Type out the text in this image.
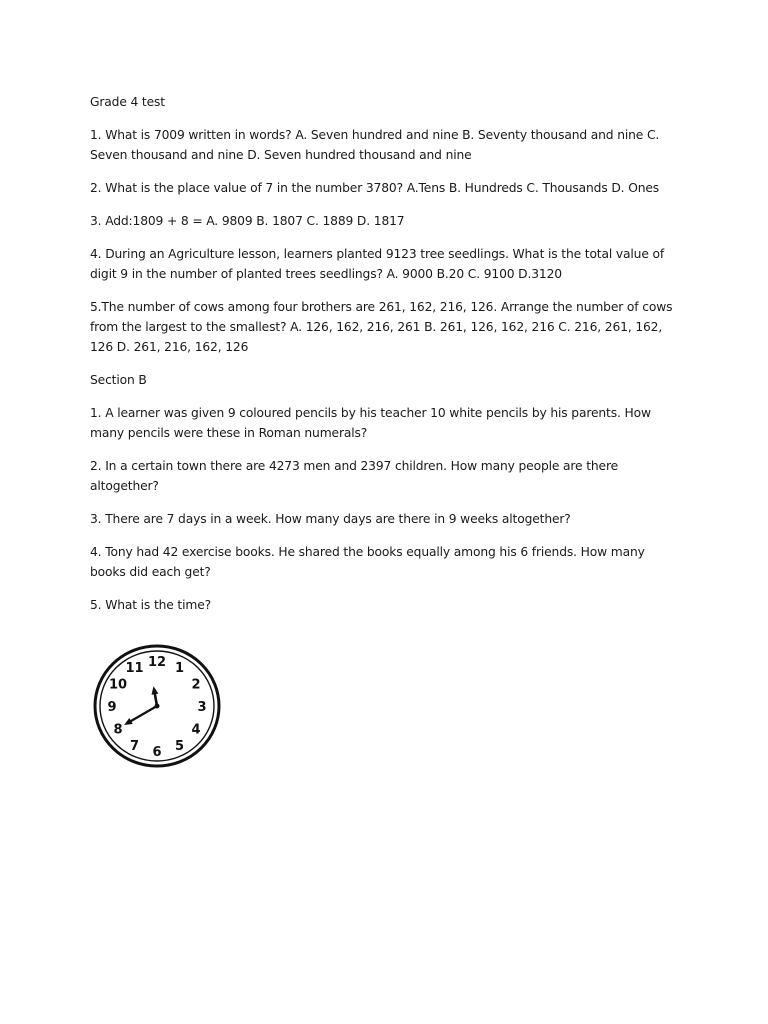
Grade 4 test

1. What is 7009 written in words? A. Seven hundred and nine B. Seventy thousand and nine C. Seven thousand and nine D. Seven hundred thousand and nine

2. What is the place value of 7 in the number 3780? A.Tens B. Hundreds C. Thousands D. Ones

3. Add:1809 + 8 = A. 9809 B. 1807 C. 1889 D. 1817

4. During an Agriculture lesson, learners planted 9123 tree seedlings. What is the total value of digit 9 in the number of planted trees seedlings? A. 9000 B.20 C. 9100 D.3120

5.The number of cows among four brothers are 261, 162, 216, 126. Arrange the number of cows from the largest to the smallest? A. 126, 162, 216, 261 B. 261, 126, 162, 216 C. 216, 261, 162, 126 D. 261, 216, 162, 126

Section B

1. A learner was given 9 coloured pencils by his teacher 10 white pencils by his parents. How many pencils were these in Roman numerals?

2. In a certain town there are 4273 men and 2397 children. How many people are there altogether?

3. There are 7 days in a week. How many days are there in 9 weeks altogether?

4. Tony had 42 exercise books. He shared the books equally among his 6 friends. How many books did each get?

5. What is the time?

12 1
2
3
4
5
6
7
8
9
10
11
